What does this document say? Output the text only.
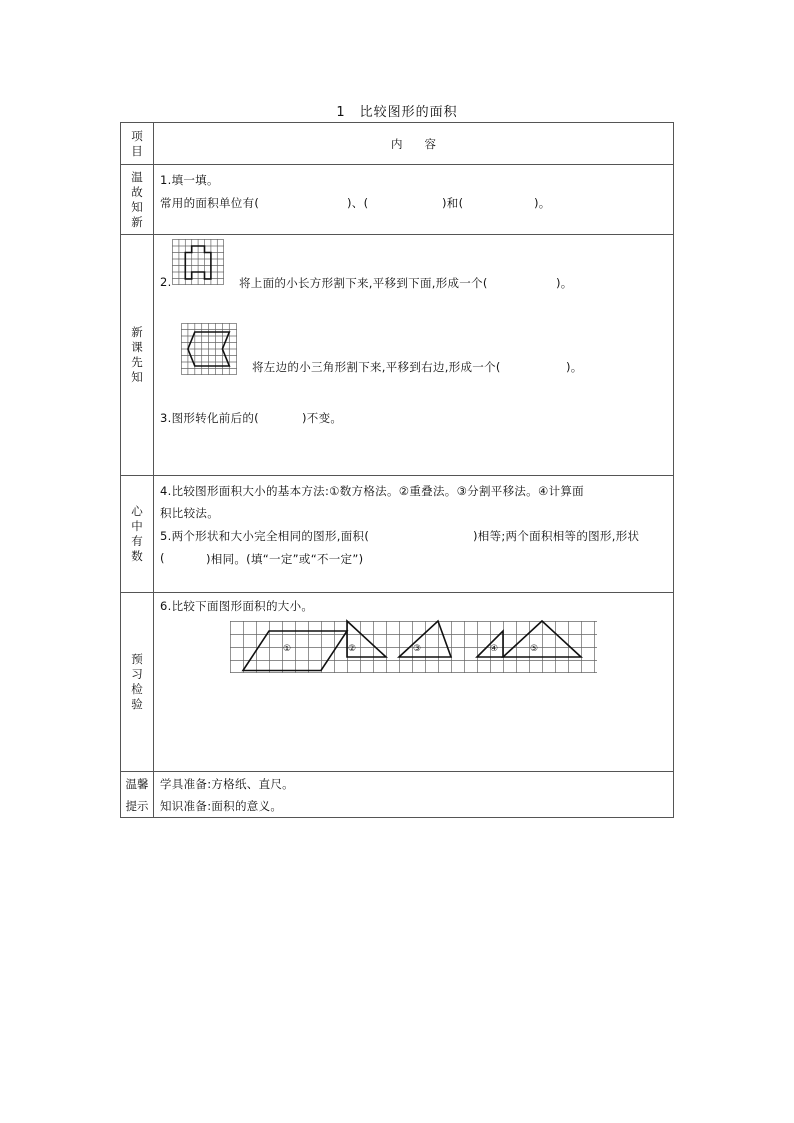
1　比较图形的面积
项目	内容
温故知新
1.填一填。
常用的面积单位有(	)、(	)和(	)。
新课先知
2.	将上面的小长方形割下来,平移到下面,形成一个(	)。
将左边的小三角形割下来,平移到右边,形成一个(	)。
3.图形转化前后的(	)不变。
心中有数
4.比较图形面积大小的基本方法:①数方格法。②重叠法。③分割平移法。④计算面
积比较法。
5.两个形状和大小完全相同的图形,面积(	)相等;两个面积相等的图形,形状
(	)相同。(填“一定”或“不一定”)
预习检验
6.比较下面图形面积的大小。
①	②	③	④	⑤
温馨提示
学具准备:方格纸、直尺。
知识准备:面积的意义。
